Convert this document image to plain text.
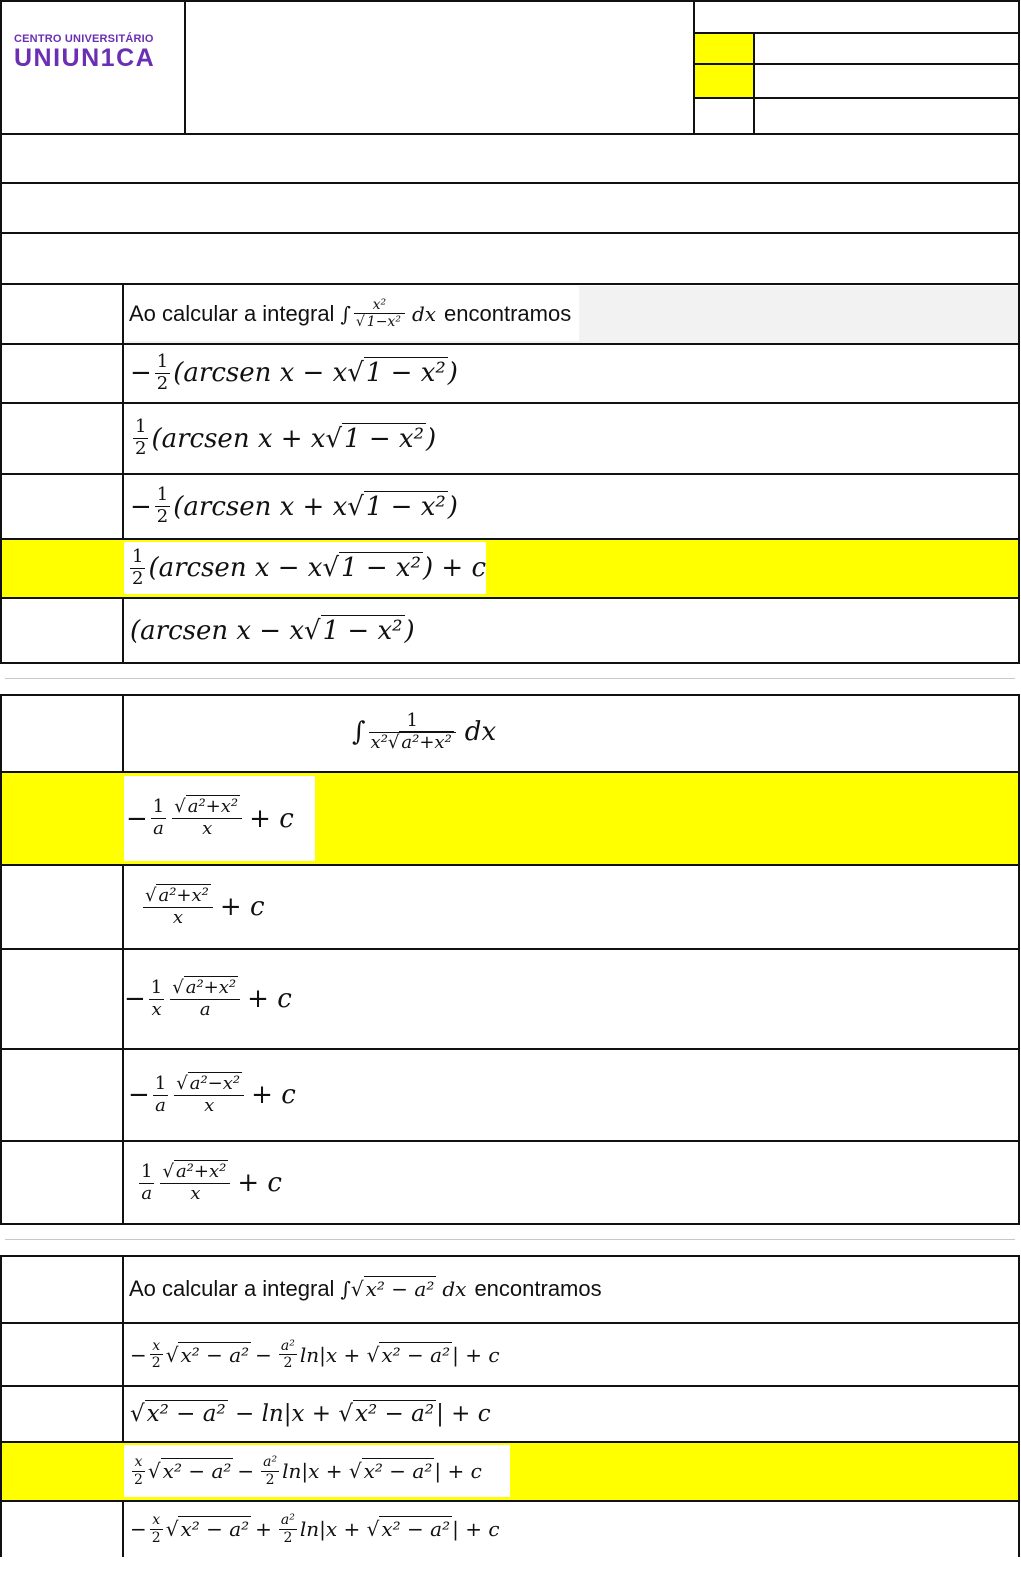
CENTRO UNIVERSITÁRIO
UNIUN1CA
Ao calcular a integral ∫ $\frac{\text{x²}}{\text{√ 1−x²}}$ dx encontramos
− $\frac{1}{2}$ (arcsen x − x√1 − x²)
$\frac{1}{2}$ (arcsen x + x√1 − x²)
− $\frac{1}{2}$ (arcsen x + x√1 − x²)
$\frac{1}{2}$ (arcsen x − x√1 − x²) + c
(arcsen x − x√1 − x²)
∫ $\frac{1}{\text{x²√ a²+x²}}$ dx
− $\frac{1}{a} \frac{\text{√ a²+x²}}{x} + c$
$\frac{\text{√ a²+x²}}{x} + c$
− $\frac{1}{x} \frac{\text{√ a²+x²}}{a} + c$
− $\frac{1}{a} \frac{\text{√ a²−x²}}{x} + c$
$\frac{1}{a} \frac{\text{√ a²+x²}}{x} + c$
Ao calcular a integral ∫ √ x² − a² dx encontramos
− $\frac{x}{2}$ √ $x^2 - a^2 - \frac{\text{a²}}{2} \ln|x$ + √ x² − a² | + c
√x² − a² − ln|x + √x² − a²| + c
$\frac{x}{2}$ √ $x^2 - a^2 - \frac{\text{a²}}{2} \ln|x$ + √ x² − a² | + c
− $\frac{x}{2}$ √ $x^2 - a^2 + \frac{\text{a²}}{2} \ln|x$ + √ x² − a² | + c
